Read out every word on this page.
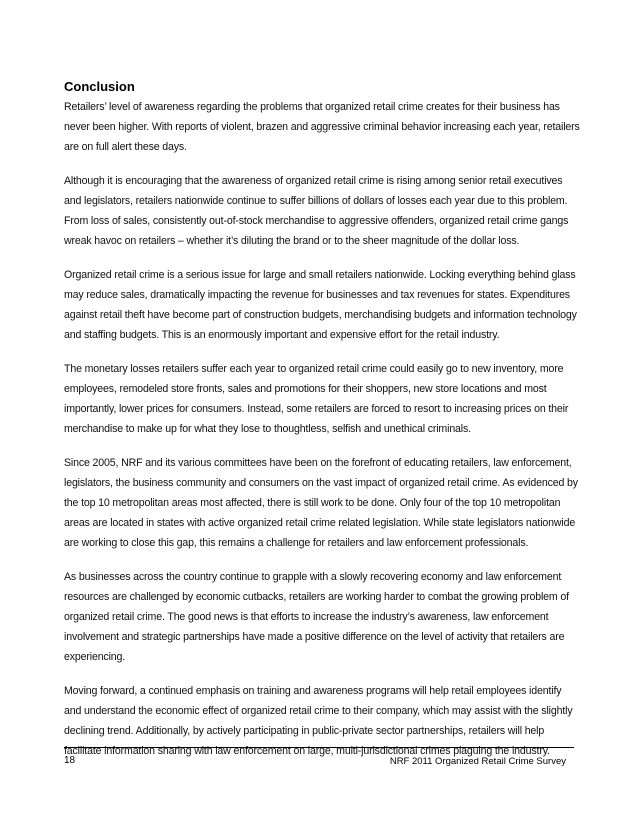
Conclusion

Retailers’ level of awareness regarding the problems that organized retail crime creates for their business has never been higher. With reports of violent, brazen and aggressive criminal behavior increasing each year, retailers are on full alert these days.

Although it is encouraging that the awareness of organized retail crime is rising among senior retail executives and legislators, retailers nationwide continue to suffer billions of dollars of losses each year due to this problem. From loss of sales, consistently out-of-stock merchandise to aggressive offenders, organized retail crime gangs wreak havoc on retailers – whether it’s diluting the brand or to the sheer magnitude of the dollar loss.

Organized retail crime is a serious issue for large and small retailers nationwide. Locking everything behind glass may reduce sales, dramatically impacting the revenue for businesses and tax revenues for states. Expenditures against retail theft have become part of construction budgets, merchandising budgets and information technology and staffing budgets. This is an enormously important and expensive effort for the retail industry.

The monetary losses retailers suffer each year to organized retail crime could easily go to new inventory, more employees, remodeled store fronts, sales and promotions for their shoppers, new store locations and most importantly, lower prices for consumers. Instead, some retailers are forced to resort to increasing prices on their merchandise to make up for what they lose to thoughtless, selfish and unethical criminals.

Since 2005, NRF and its various committees have been on the forefront of educating retailers, law enforcement, legislators, the business community and consumers on the vast impact of organized retail crime. As evidenced by the top 10 metropolitan areas most affected, there is still work to be done. Only four of the top 10 metropolitan areas are located in states with active organized retail crime related legislation. While state legislators nationwide are working to close this gap, this remains a challenge for retailers and law enforcement professionals.

As businesses across the country continue to grapple with a slowly recovering economy and law enforcement resources are challenged by economic cutbacks, retailers are working harder to combat the growing problem of organized retail crime. The good news is that efforts to increase the industry’s awareness, law enforcement involvement and strategic partnerships have made a positive difference on the level of activity that retailers are experiencing.

Moving forward, a continued emphasis on training and awareness programs will help retail employees identify and understand the economic effect of organized retail crime to their company, which may assist with the slightly declining trend. Additionally, by actively participating in public-private sector partnerships, retailers will help facilitate information sharing with law enforcement on large, multi-jurisdictional crimes plaguing the industry.

18	NRF 2011 Organized Retail Crime Survey
